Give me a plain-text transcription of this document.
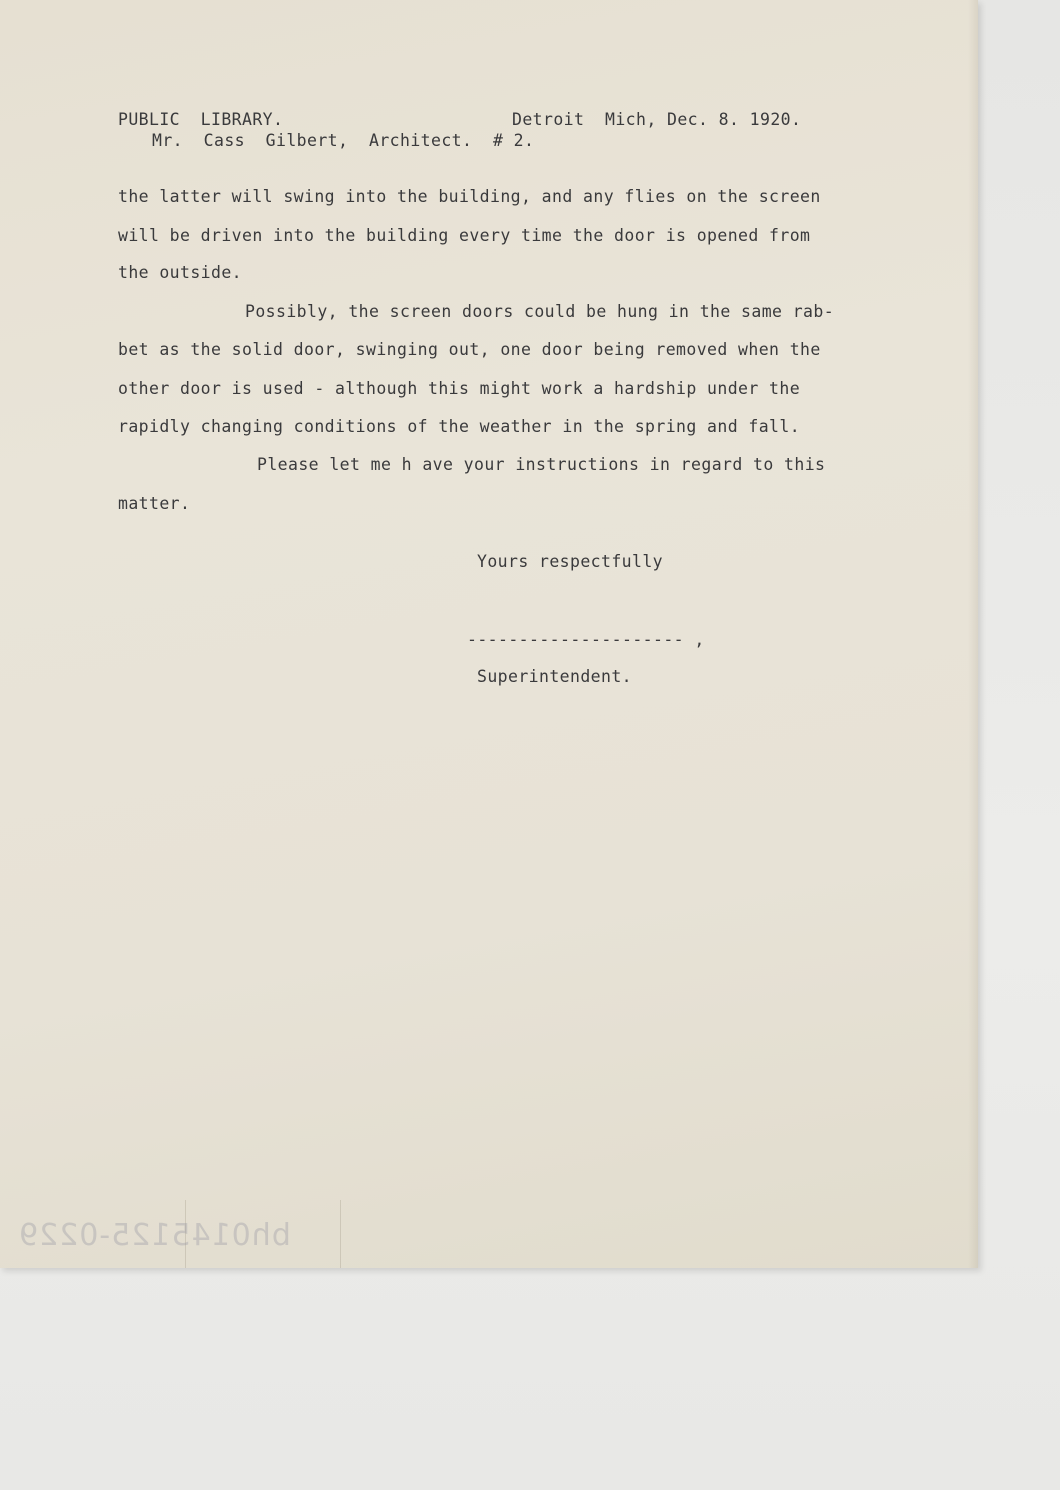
PUBLIC  LIBRARY.	Detroit  Mich, Dec. 8. 1920.

Mr.  Cass  Gilbert,  Architect.  # 2.

the latter will swing into the building, and any flies on the screen

will be driven into the building every time the door is opened from

the outside.

Possibly, the screen doors could be hung in the same rab-

bet as the solid door, swinging out, one door being removed when the

other door is used - although this might work a hardship under the

rapidly changing conditions of the weather in the spring and fall.

Please let me h ave your instructions in regard to this

matter.

Yours respectfully

--------------------- ,

Superintendent.

bh0145125-0229
